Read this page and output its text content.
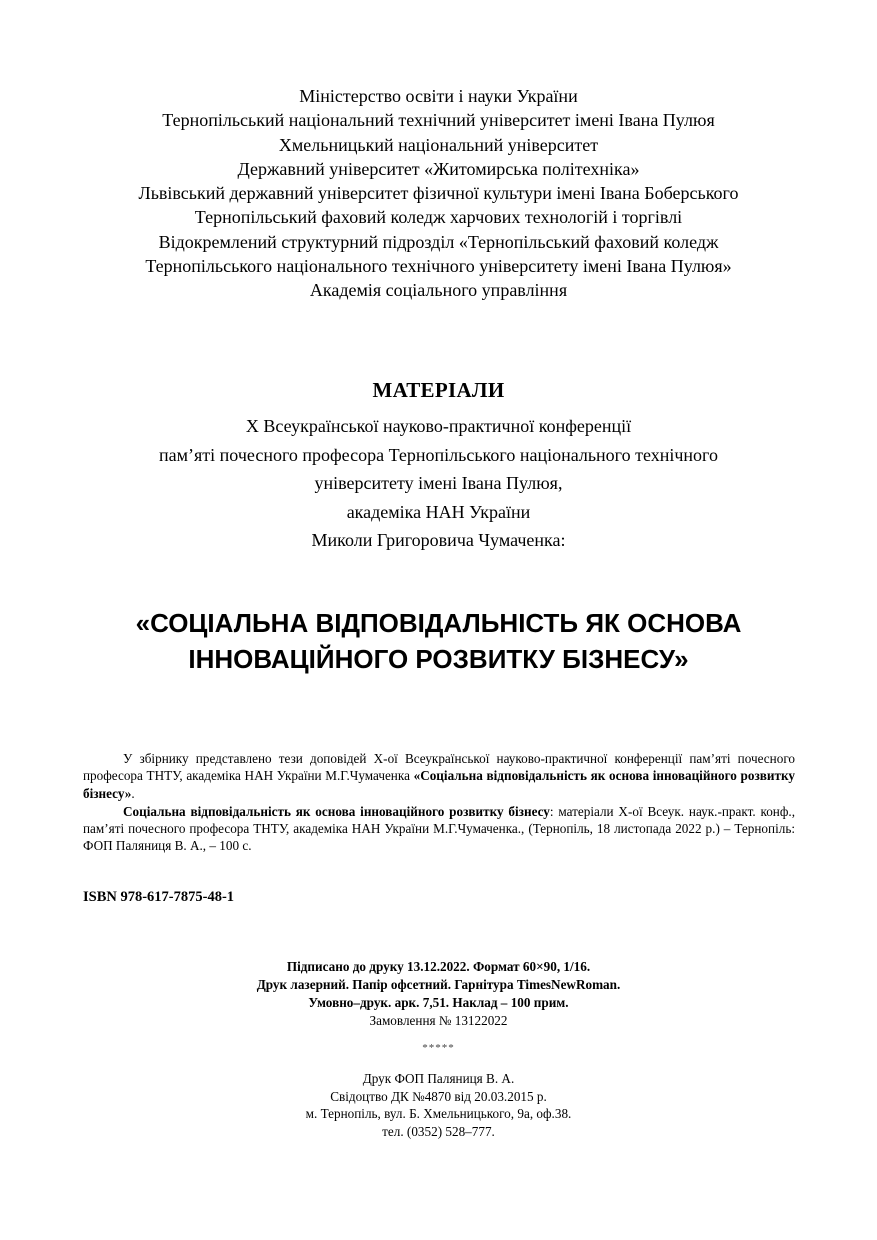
Міністерство освіти і науки України
Тернопільський національний технічний університет імені Івана Пулюя
Хмельницький національний університет
Державний університет «Житомирська політехніка»
Львівський державний університет фізичної культури імені Івана Боберського
Тернопільський фаховий коледж харчових технологій і торгівлі
Відокремлений структурний підрозділ «Тернопільський фаховий коледж
Тернопільського національного технічного університету імені Івана Пулюя»
Академія соціального управління
МАТЕРІАЛИ
X Всеукраїнської науково-практичної конференції
пам’яті почесного професора Тернопільського національного технічного
університету імені Івана Пулюя,
академіка НАН України
Миколи Григоровича Чумаченка:
«СОЦІАЛЬНА ВІДПОВІДАЛЬНІСТЬ ЯК ОСНОВА
ІННОВАЦІЙНОГО РОЗВИТКУ БІЗНЕСУ»

У збірнику представлено тези доповідей Х-ої Всеукраїнської науково-практичної конференції пам’яті почесного професора ТНТУ, академіка НАН України М.Г.Чумаченка «Соціальна відповідальність як основа інноваційного розвитку бізнесу».

Соціальна відповідальність як основа інноваційного розвитку бізнесу: матеріали Х-ої Всеук. наук.-практ. конф., пам’яті почесного професора ТНТУ, академіка НАН України М.Г.Чумаченка., (Тернопіль, 18 листопада 2022 р.) – Тернопіль: ФОП Паляниця В. А., – 100 с.

ISBN 978-617-7875-48-1
Підписано до друку 13.12.2022. Формат 60×90, 1/16.
Друк лазерний. Папір офсетний. Гарнітура TimesNewRoman.
Умовно–друк. арк. 7,51. Наклад – 100 прим.
Замовлення № 13122022
*****
Друк ФОП Паляниця В. А.
Свідоцтво ДК №4870 від 20.03.2015 р.
м. Тернопіль, вул. Б. Хмельницького, 9а, оф.38.
тел. (0352) 528–777.
